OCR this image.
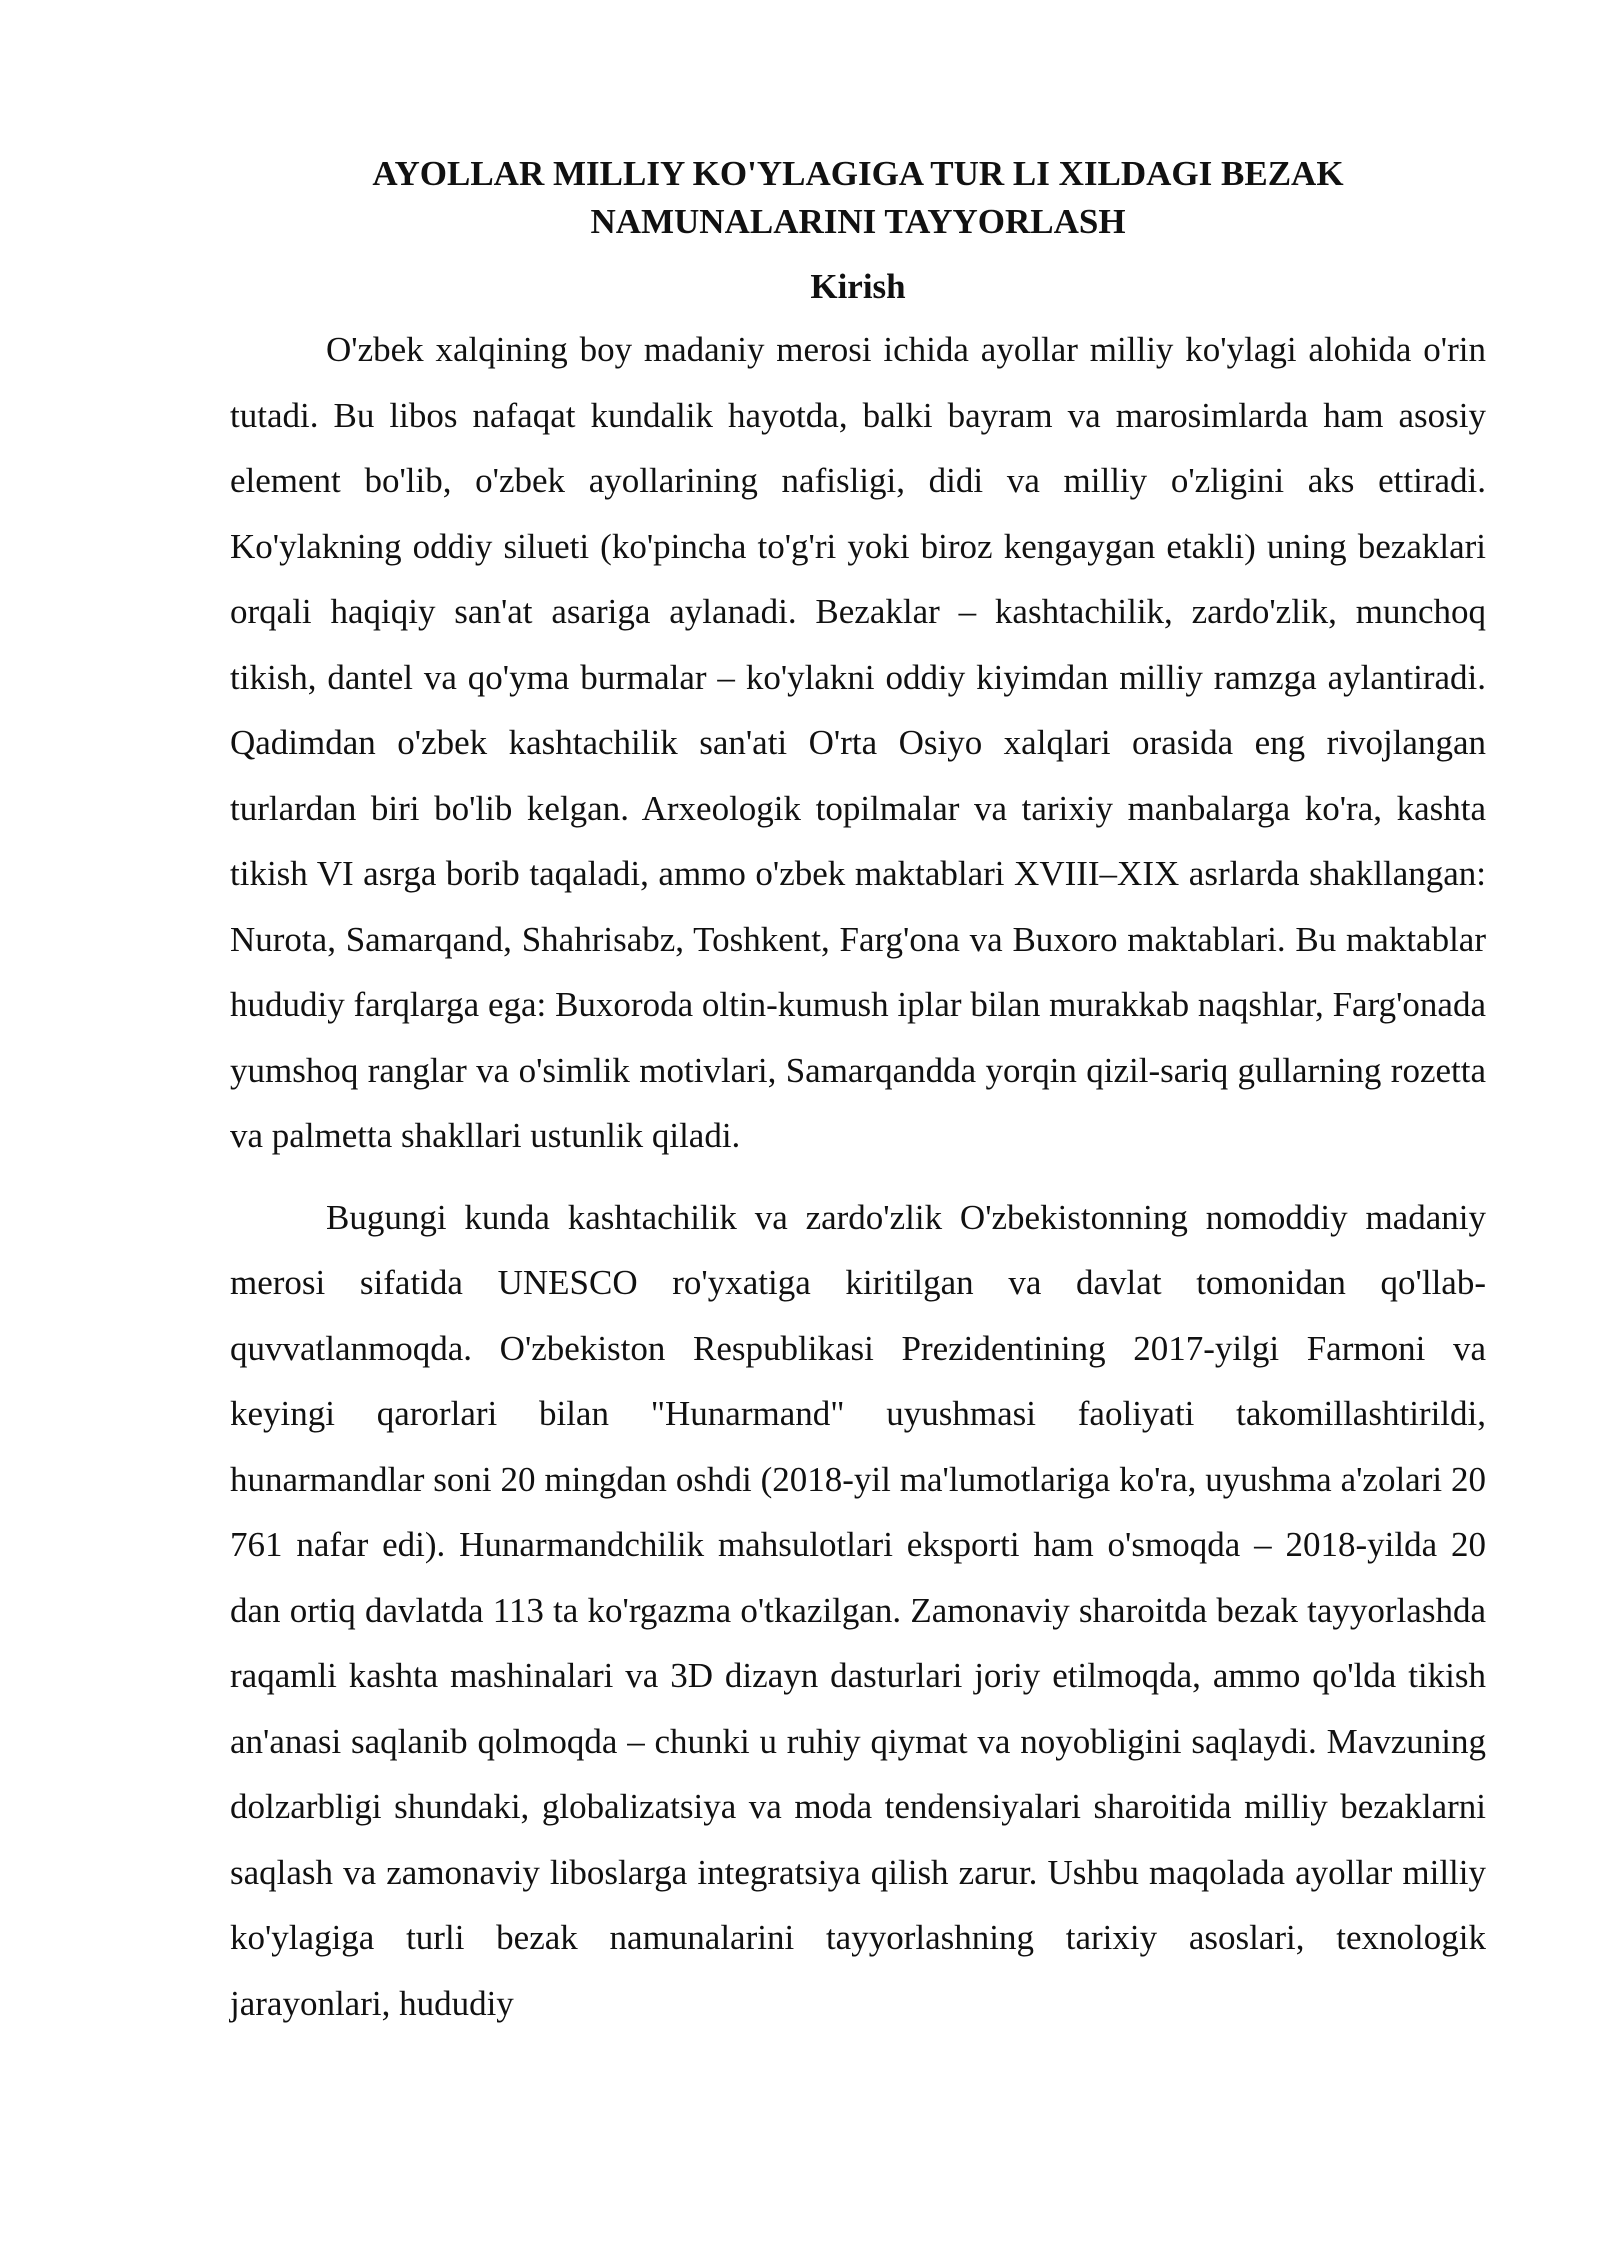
AYOLLAR MILLIY KO'YLAGIGA TUR LI XILDAGI BEZAK
NAMUNALARINI TAYYORLASH

Kirish

O'zbek xalqining boy madaniy merosi ichida ayollar milliy ko'ylagi alohida o'rin tutadi. Bu libos nafaqat kundalik hayotda, balki bayram va marosimlarda ham asosiy element bo'lib, o'zbek ayollarining nafisligi, didi va milliy o'zligini aks ettiradi. Ko'ylakning oddiy silueti (ko'pincha to'g'ri yoki biroz kengaygan etakli) uning bezaklari orqali haqiqiy san'at asariga aylanadi. Bezaklar – kashtachilik, zardo'zlik, munchoq tikish, dantel va qo'yma burmalar – ko'ylakni oddiy kiyimdan milliy ramzga aylantiradi. Qadimdan o'zbek kashtachilik san'ati O'rta Osiyo xalqlari orasida eng rivojlangan turlardan biri bo'lib kelgan. Arxeologik topilmalar va tarixiy manbalarga ko'ra, kashta tikish VI asrga borib taqaladi, ammo o'zbek maktablari XVIII–XIX asrlarda shakllangan: Nurota, Samarqand, Shahrisabz, Toshkent, Farg'ona va Buxoro maktablari. Bu maktablar hududiy farqlarga ega: Buxoroda oltin-kumush iplar bilan murakkab naqshlar, Farg'onada yumshoq ranglar va o'simlik motivlari, Samarqandda yorqin qizil-sariq gullarning rozetta va palmetta shakllari ustunlik qiladi.

Bugungi kunda kashtachilik va zardo'zlik O'zbekistonning nomoddiy madaniy merosi sifatida UNESCO ro'yxatiga kiritilgan va davlat tomonidan qo'llab-quvvatlanmoqda. O'zbekiston Respublikasi Prezidentining 2017-yilgi Farmoni va keyingi qarorlari bilan "Hunarmand" uyushmasi faoliyati takomillashtirildi, hunarmandlar soni 20 mingdan oshdi (2018-yil ma'lumotlariga ko'ra, uyushma a'zolari 20 761 nafar edi). Hunarmandchilik mahsulotlari eksporti ham o'smoqda – 2018-yilda 20 dan ortiq davlatda 113 ta ko'rgazma o'tkazilgan. Zamonaviy sharoitda bezak tayyorlashda raqamli kashta mashinalari va 3D dizayn dasturlari joriy etilmoqda, ammo qo'lda tikish an'anasi saqlanib qolmoqda – chunki u ruhiy qiymat va noyobligini saqlaydi. Mavzuning dolzarbligi shundaki, globalizatsiya va moda tendensiyalari sharoitida milliy bezaklarni saqlash va zamonaviy liboslarga integratsiya qilish zarur. Ushbu maqolada ayollar milliy ko'ylagiga turli bezak namunalarini tayyorlashning tarixiy asoslari, texnologik jarayonlari, hududiy
